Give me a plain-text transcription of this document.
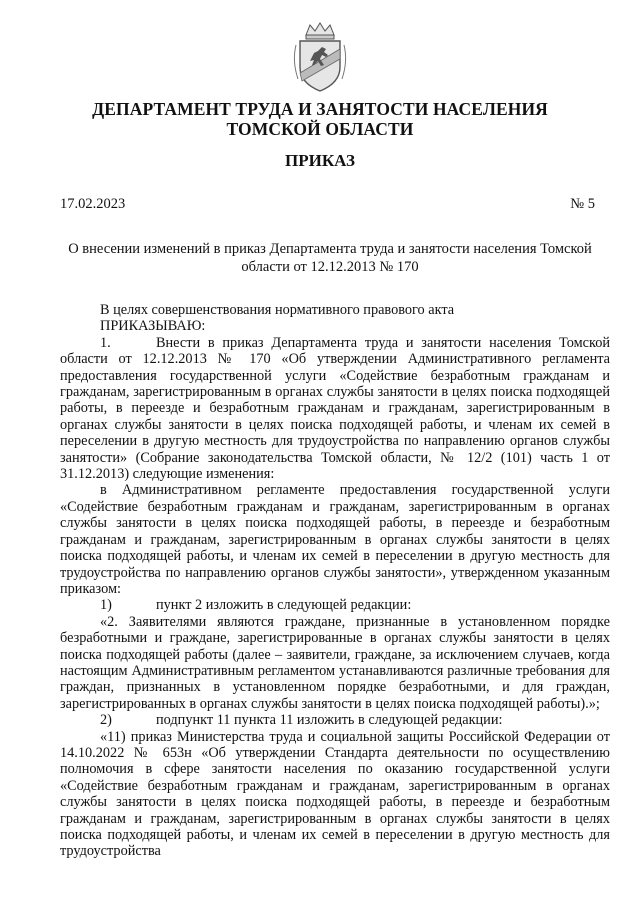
ДЕПАРТАМЕНТ ТРУДА И ЗАНЯТОСТИ НАСЕЛЕНИЯ
ТОМСКОЙ ОБЛАСТИ
ПРИКАЗ
17.02.2023	№ 5
О внесении изменений в приказ Департамента труда и занятости населения Томской области от 12.12.2013 № 170

В целях совершенствования нормативного правового акта

ПРИКАЗЫВАЮ:

1.	Внести в приказ Департамента труда и занятости населения Томской области от 12.12.2013 № 170 «Об утверждении Административного регламента предоставления государственной услуги «Содействие безработным гражданам и гражданам, зарегистрированным в органах службы занятости в целях поиска подходящей работы, в переезде и безработным гражданам и гражданам, зарегистрированным в органах службы занятости в целях поиска подходящей работы, и членам их семей в переселении в другую местность для трудоустройства по направлению органов службы занятости» (Собрание законодательства Томской области, № 12/2 (101) часть 1 от 31.12.2013) следующие изменения:

в Административном регламенте предоставления государственной услуги «Содействие безработным гражданам и гражданам, зарегистрированным в органах службы занятости в целях поиска подходящей работы, в переезде и безработным гражданам и гражданам, зарегистрированным в органах службы занятости в целях поиска подходящей работы, и членам их семей в переселении в другую местность для трудоустройства по направлению органов службы занятости», утвержденном указанным приказом:

1)	пункт 2 изложить в следующей редакции:

«2. Заявителями являются граждане, признанные в установленном порядке безработными и граждане, зарегистрированные в органах службы занятости в целях поиска подходящей работы (далее – заявители, граждане, за исключением случаев, когда настоящим Административным регламентом устанавливаются различные требования для граждан, признанных в установленном порядке безработными, и для граждан, зарегистрированных в органах службы занятости в целях поиска подходящей работы).»;

2)	подпункт 11 пункта 11 изложить в следующей редакции:

«11) приказ Министерства труда и социальной защиты Российской Федерации от 14.10.2022 № 653н «Об утверждении Стандарта деятельности по осуществлению полномочия в сфере занятости населения по оказанию государственной услуги «Содействие безработным гражданам и гражданам, зарегистрированным в органах службы занятости в целях поиска подходящей работы, в переезде и безработным гражданам и гражданам, зарегистрированным в органах службы занятости в целях поиска подходящей работы, и членам их семей в переселении в другую местность для трудоустройства
